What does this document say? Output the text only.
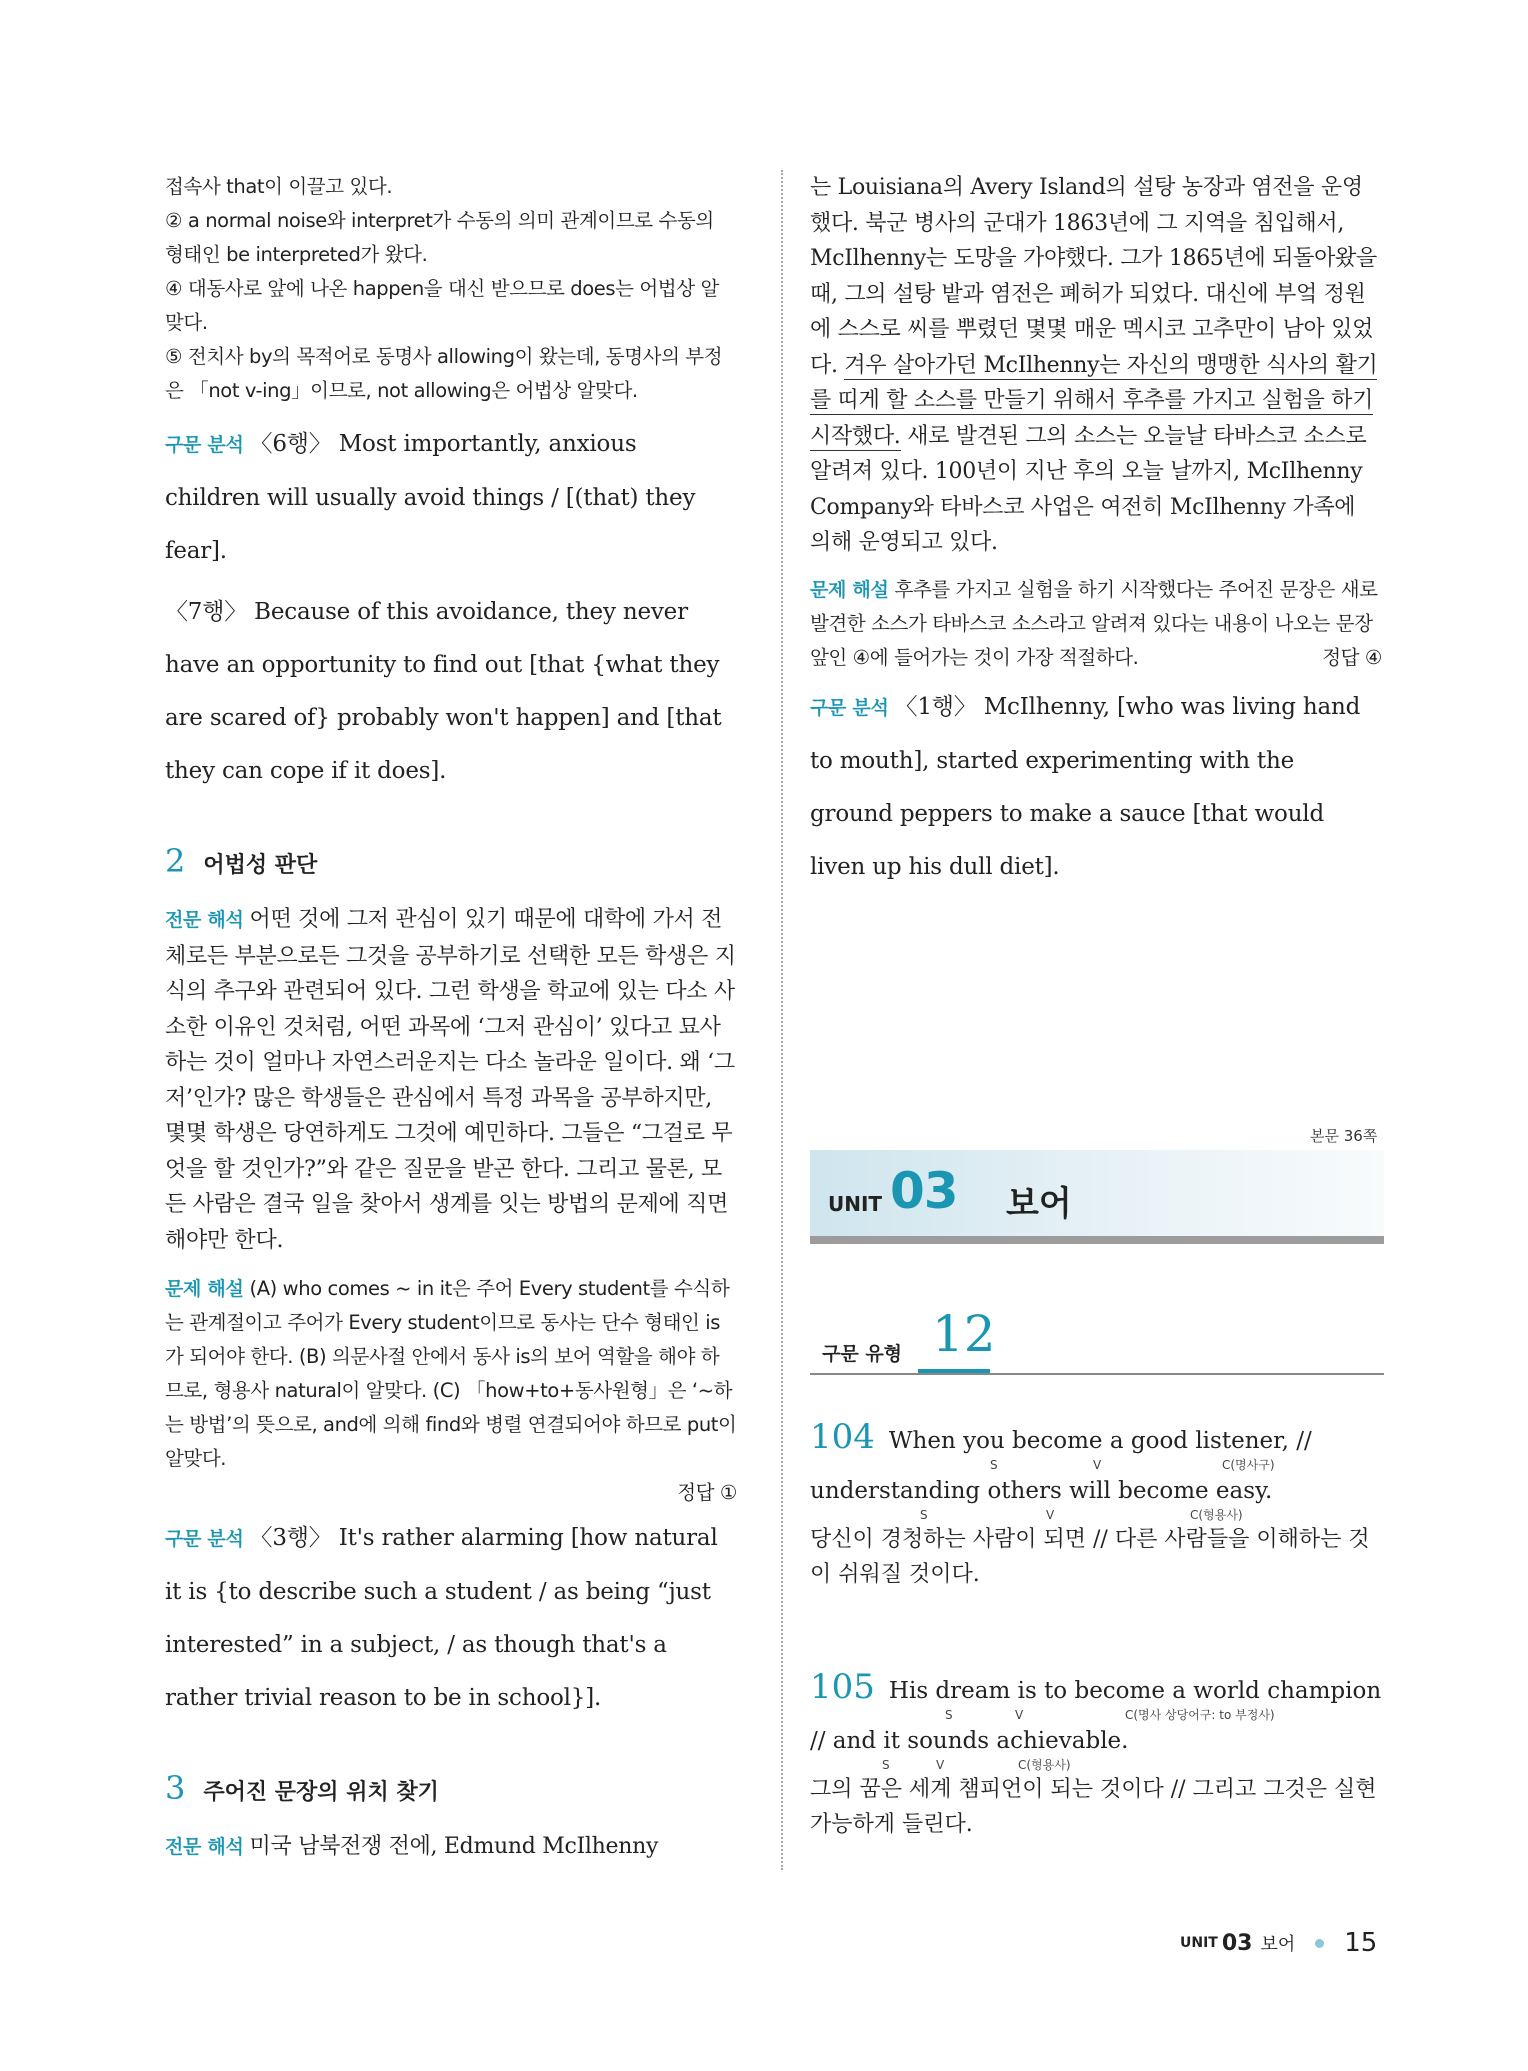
접속사 that이 이끌고 있다.

② a normal noise와 interpret가 수동의 의미 관계이므로 수동의 형태인 be interpreted가 왔다.

④ 대동사로 앞에 나온 happen을 대신 받으므로 does는 어법상 알맞다.

⑤ 전치사 by의 목적어로 동명사 allowing이 왔는데, 동명사의 부정은 「not v-ing」이므로, not allowing은 어법상 알맞다.

구문 분석 〈6행〉 Most importantly, anxious children will usually avoid things / [(that) they fear].

〈7행〉 Because of this avoidance, they never have an opportunity to find out [that {what they are scared of} probably won't happen] and [that they can cope if it does].

2 어법성 판단

전문 해석 어떤 것에 그저 관심이 있기 때문에 대학에 가서 전체로든 부분으로든 그것을 공부하기로 선택한 모든 학생은 지식의 추구와 관련되어 있다. 그런 학생을 학교에 있는 다소 사소한 이유인 것처럼, 어떤 과목에 ‘그저 관심이’ 있다고 묘사하는 것이 얼마나 자연스러운지는 다소 놀라운 일이다. 왜 ‘그저’인가? 많은 학생들은 관심에서 특정 과목을 공부하지만, 몇몇 학생은 당연하게도 그것에 예민하다. 그들은 “그걸로 무엇을 할 것인가?”와 같은 질문을 받곤 한다. 그리고 물론, 모든 사람은 결국 일을 찾아서 생계를 잇는 방법의 문제에 직면해야만 한다.

문제 해설 (A) who comes ~ in it은 주어 Every student를 수식하는 관계절이고 주어가 Every student이므로 동사는 단수 형태인 is가 되어야 한다. (B) 의문사절 안에서 동사 is의 보어 역할을 해야 하므로, 형용사 natural이 알맞다. (C) 「how+to+동사원형」은 ‘~하는 방법’의 뜻으로, and에 의해 find와 병렬 연결되어야 하므로 put이 알맞다.

정답 ①

구문 분석 〈3행〉 It's rather alarming [how natural it is {to describe such a student / as being “just interested” in a subject, / as though that's a rather trivial reason to be in school}].

3 주어진 문장의 위치 찾기

전문 해석 미국 남북전쟁 전에, Edmund McIlhenny

는 Louisiana의 Avery Island의 설탕 농장과 염전을 운영했다. 북군 병사의 군대가 1863년에 그 지역을 침입해서, McIlhenny는 도망을 가야했다. 그가 1865년에 되돌아왔을 때, 그의 설탕 밭과 염전은 폐허가 되었다. 대신에 부엌 정원에 스스로 씨를 뿌렸던 몇몇 매운 멕시코 고추만이 남아 있었다. 겨우 살아가던 McIlhenny는 자신의 맹맹한 식사의 활기를 띠게 할 소스를 만들기 위해서 후추를 가지고 실험을 하기 시작했다. 새로 발견된 그의 소스는 오늘날 타바스코 소스로 알려져 있다. 100년이 지난 후의 오늘 날까지, McIlhenny Company와 타바스코 사업은 여전히 McIlhenny 가족에 의해 운영되고 있다.

문제 해설 후추를 가지고 실험을 하기 시작했다는 주어진 문장은 새로 발견한 소스가 타바스코 소스라고 알려져 있다는 내용이 나오는 문장 앞인 ④에 들어가는 것이 가장 적절하다.	정답 ④

구문 분석 〈1행〉 McIlhenny, [who was living hand to mouth], started experimenting with the ground peppers to make a sauce [that would liven up his dull diet].

본문 36쪽
UNIT 03 보어
구문 유형 12
104 When you become a good listener, //
S	V	C(명사구)
understanding others will become easy.
S	V	C(형용사)
당신이 경청하는 사람이 되면 // 다른 사람들을 이해하는 것이 쉬워질 것이다.
105 His dream is to become a world champion
S	V	C(명사 상당어구: to 부정사)
// and it sounds achievable.
S	V	C(형용사)
그의 꿈은 세계 챔피언이 되는 것이다 // 그리고 그것은 실현 가능하게 들린다.
UNIT 03 보어 15
